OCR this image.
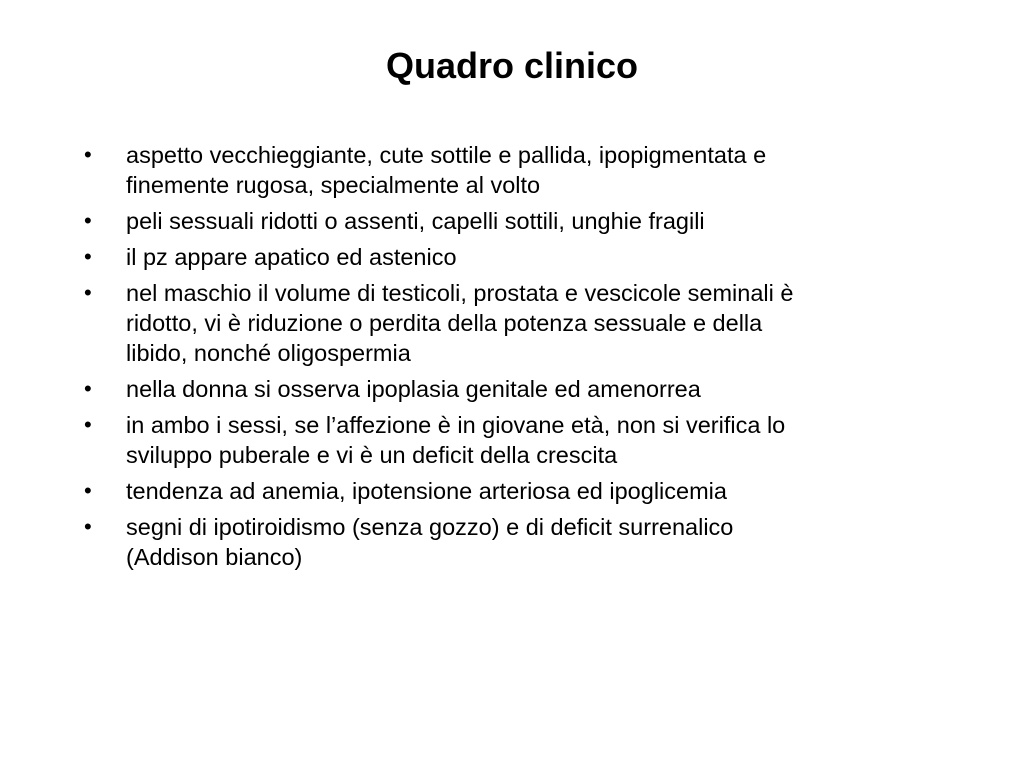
Quadro clinico
•	aspetto vecchieggiante, cute sottile e pallida, ipopigmentata e
finemente rugosa, specialmente al volto
•	peli sessuali ridotti o assenti, capelli sottili, unghie fragili
•	il pz appare apatico ed astenico
•	nel maschio il volume di testicoli, prostata e vescicole seminali è
ridotto, vi è riduzione o perdita della potenza sessuale e della
libido, nonché oligospermia
•	nella donna si osserva ipoplasia genitale ed amenorrea
•	in ambo i sessi, se l’affezione è in giovane età, non si verifica lo
sviluppo puberale e vi è un deficit della crescita
•	tendenza ad anemia, ipotensione arteriosa ed ipoglicemia
•	segni di ipotiroidismo (senza gozzo) e di deficit surrenalico
(Addison bianco)
